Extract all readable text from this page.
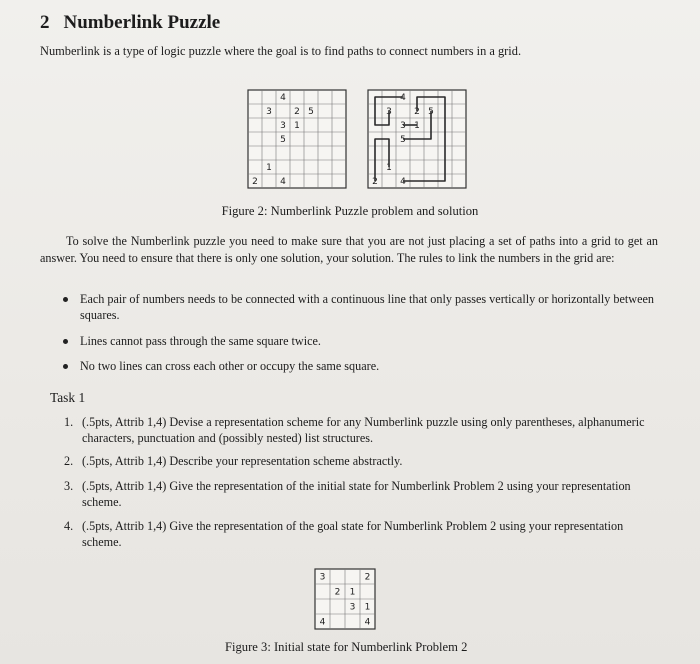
2 Numberlink Puzzle
Numberlink is a type of logic puzzle where the goal is to find paths to connect numbers in a grid.
4
3 2 5
3 1
5
1
2 4
4
3 2 5
3 1
5
1
2 4
Figure 2: Numberlink Puzzle problem and solution
To solve the Numberlink puzzle you need to make sure that you are not just placing a set of paths into a grid to get an answer. You need to ensure that there is only one solution, your solution. The rules to link the numbers in the grid are:
Each pair of numbers needs to be connected with a continuous line that only passes vertically or horizontally between squares.
Lines cannot pass through the same square twice.
No two lines can cross each other or occupy the same square.
Task 1
1. (.5pts, Attrib 1,4) Devise a representation scheme for any Numberlink puzzle using only parentheses, alphanumeric characters, punctuation and (possibly nested) list structures.
2. (.5pts, Attrib 1,4) Describe your representation scheme abstractly.
3. (.5pts, Attrib 1,4) Give the representation of the initial state for Numberlink Problem 2 using your representation scheme.
4. (.5pts, Attrib 1,4) Give the representation of the goal state for Numberlink Problem 2 using your representation scheme.
3	2
2 1
3 1
4	4
Figure 3: Initial state for Numberlink Problem 2
